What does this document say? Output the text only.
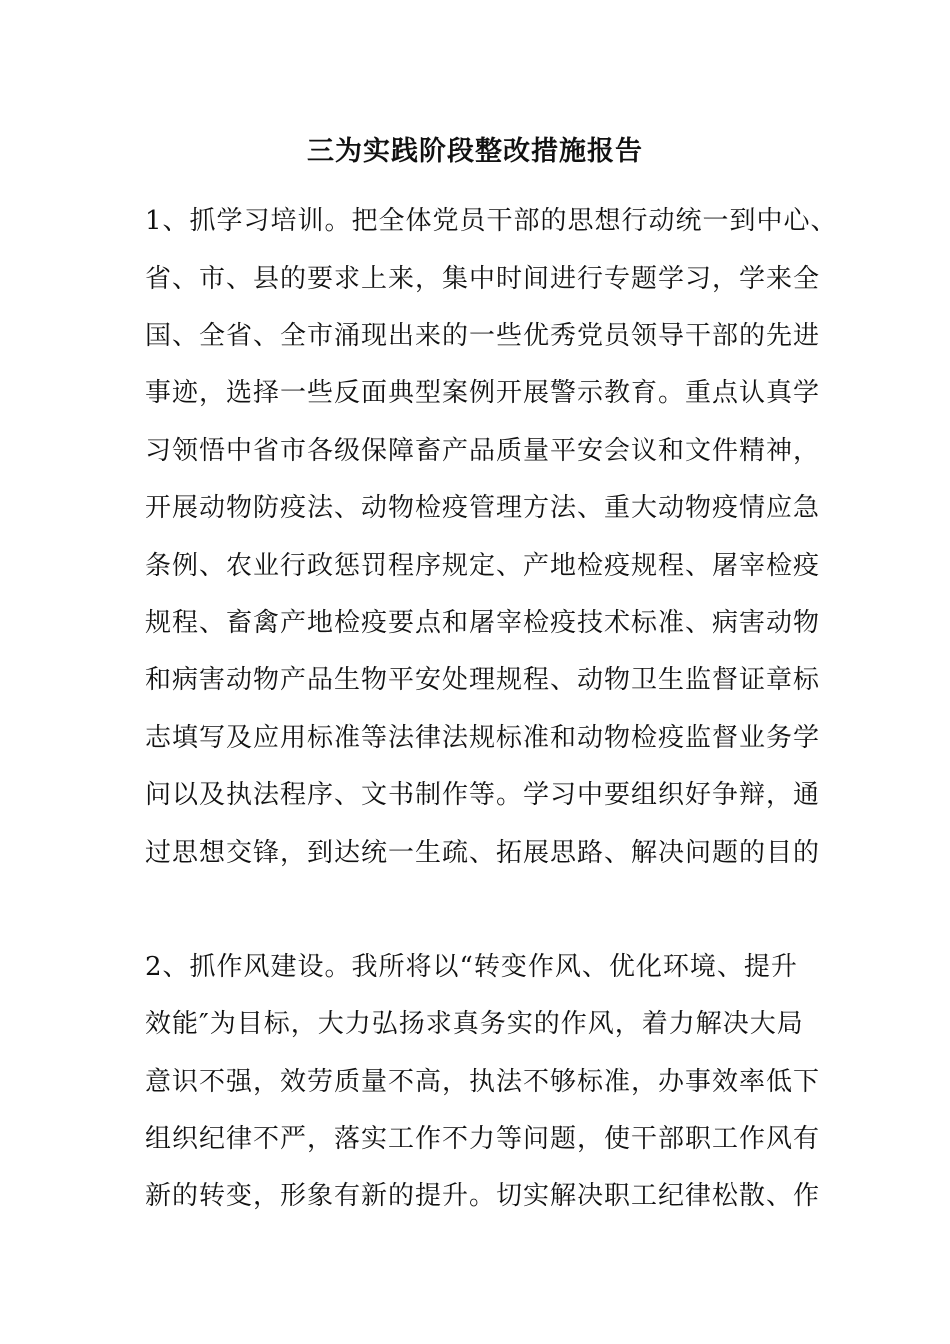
三为实践阶段整改措施报告
1、抓学习培训。把全体党员干部的思想行动统一到中心、
省、市、县的要求上来，集中时间进行专题学习，学来全
国、全省、全市涌现出来的一些优秀党员领导干部的先进
事迹，选择一些反面典型案例开展警示教育。重点认真学
习领悟中省市各级保障畜产品质量平安会议和文件精神，
开展动物防疫法、动物检疫管理方法、重大动物疫情应急
条例、农业行政惩罚程序规定、产地检疫规程、屠宰检疫
规程、畜禽产地检疫要点和屠宰检疫技术标准、病害动物
和病害动物产品生物平安处理规程、动物卫生监督证章标
志填写及应用标准等法律法规标准和动物检疫监督业务学
问以及执法程序、文书制作等。学习中要组织好争辩，通
过思想交锋，到达统一生疏、拓展思路、解决问题的目的
2、抓作风建设。我所将以“转变作风、优化环境、提升
效能″为目标，大力弘扬求真务实的作风，着力解决大局
意识不强，效劳质量不高，执法不够标准，办事效率低下
组织纪律不严，落实工作不力等问题，使干部职工作风有
新的转变，形象有新的提升。切实解决职工纪律松散、作
